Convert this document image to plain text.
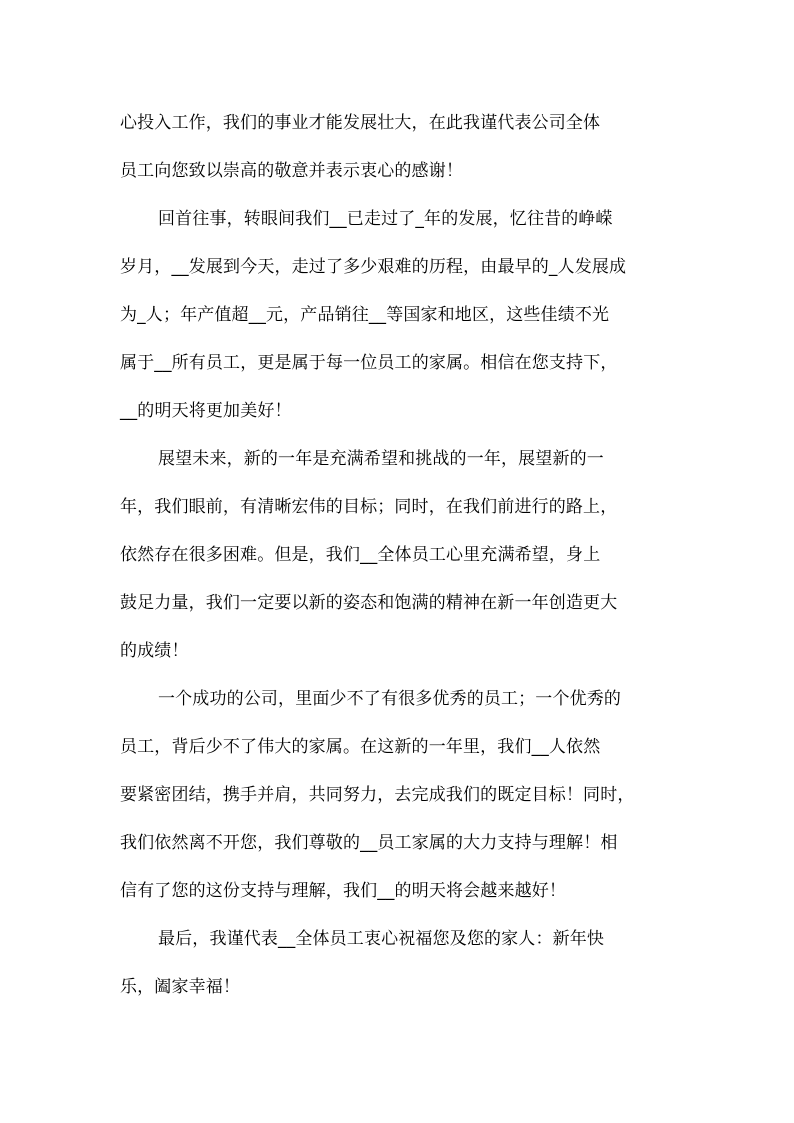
心投入工作，我们的事业才能发展壮大，在此我谨代表公司全体
员工向您致以崇高的敬意并表示衷心的感谢！
回首往事，转眼间我们__已走过了_年的发展，忆往昔的峥嵘
岁月，__发展到今天，走过了多少艰难的历程，由最早的_人发展成
为_人；年产值超__元，产品销往__等国家和地区，这些佳绩不光
属于__所有员工，更是属于每一位员工的家属。相信在您支持下，
__的明天将更加美好！
展望未来，新的一年是充满希望和挑战的一年，展望新的一
年，我们眼前，有清晰宏伟的目标；同时，在我们前进行的路上，
依然存在很多困难。但是，我们__全体员工心里充满希望，身上
鼓足力量，我们一定要以新的姿态和饱满的精神在新一年创造更大
的成绩！
一个成功的公司，里面少不了有很多优秀的员工；一个优秀的
员工，背后少不了伟大的家属。在这新的一年里，我们__人依然
要紧密团结，携手并肩，共同努力，去完成我们的既定目标！同时，
我们依然离不开您，我们尊敬的__员工家属的大力支持与理解！相
信有了您的这份支持与理解，我们__的明天将会越来越好！
最后，我谨代表__全体员工衷心祝福您及您的家人：新年快
乐，阖家幸福！
